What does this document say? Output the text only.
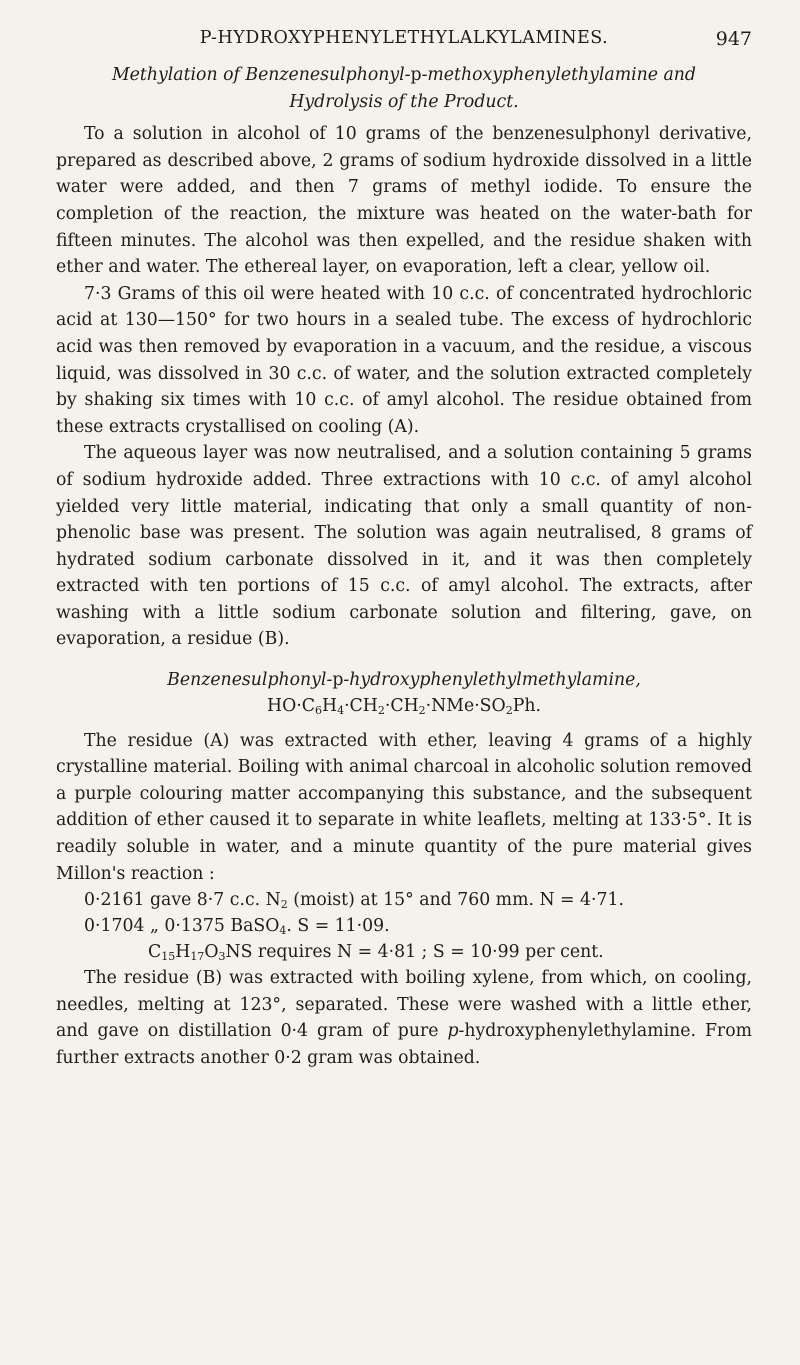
P-HYDROXYPHENYLETHYLALKYLAMINES.	947
Methylation of Benzenesulphonyl-p-methoxyphenylethylamine and
Hydrolysis of the Product.

To a solution in alcohol of 10 grams of the benzenesulphonyl derivative, prepared as described above, 2 grams of sodium hydroxide dissolved in a little water were added, and then 7 grams of methyl iodide. To ensure the completion of the reaction, the mixture was heated on the water-bath for fifteen minutes. The alcohol was then expelled, and the residue shaken with ether and water. The ethereal layer, on evaporation, left a clear, yellow oil.

7·3 Grams of this oil were heated with 10 c.c. of concentrated hydrochloric acid at 130—150° for two hours in a sealed tube. The excess of hydrochloric acid was then removed by evaporation in a vacuum, and the residue, a viscous liquid, was dissolved in 30 c.c. of water, and the solution extracted completely by shaking six times with 10 c.c. of amyl alcohol. The residue obtained from these extracts crystallised on cooling (A).

The aqueous layer was now neutralised, and a solution containing 5 grams of sodium hydroxide added. Three extractions with 10 c.c. of amyl alcohol yielded very little material, indicating that only a small quantity of non-phenolic base was present. The solution was again neutralised, 8 grams of hydrated sodium carbonate dissolved in it, and it was then completely extracted with ten portions of 15 c.c. of amyl alcohol. The extracts, after washing with a little sodium carbonate solution and filtering, gave, on evaporation, a residue (B).

Benzenesulphonyl-p-hydroxyphenylethylmethylamine,
$HO\cdot C_6H_4\cdot CH_2\cdot CH_2\cdot NMe\cdot SO_2Ph$.

The residue (A) was extracted with ether, leaving 4 grams of a highly crystalline material. Boiling with animal charcoal in alcoholic solution removed a purple colouring matter accompanying this substance, and the subsequent addition of ether caused it to separate in white leaflets, melting at 133·5°. It is readily soluble in water, and a minute quantity of the pure material gives Millon's reaction :

0·2161 gave 8·7 c.c. $N_2$ (moist) at 15° and 760 mm. N = 4·71.
0·1704 „ 0·1375 BaSO$_4$. S = 11·09.
$C_{15}H_{17}O_3NS$ requires N = 4·81 ; S = 10·99 per cent.

The residue (B) was extracted with boiling xylene, from which, on cooling, needles, melting at 123°, separated. These were washed with a little ether, and gave on distillation 0·4 gram of pure p-hydroxyphenylethylamine. From further extracts another 0·2 gram was obtained.
